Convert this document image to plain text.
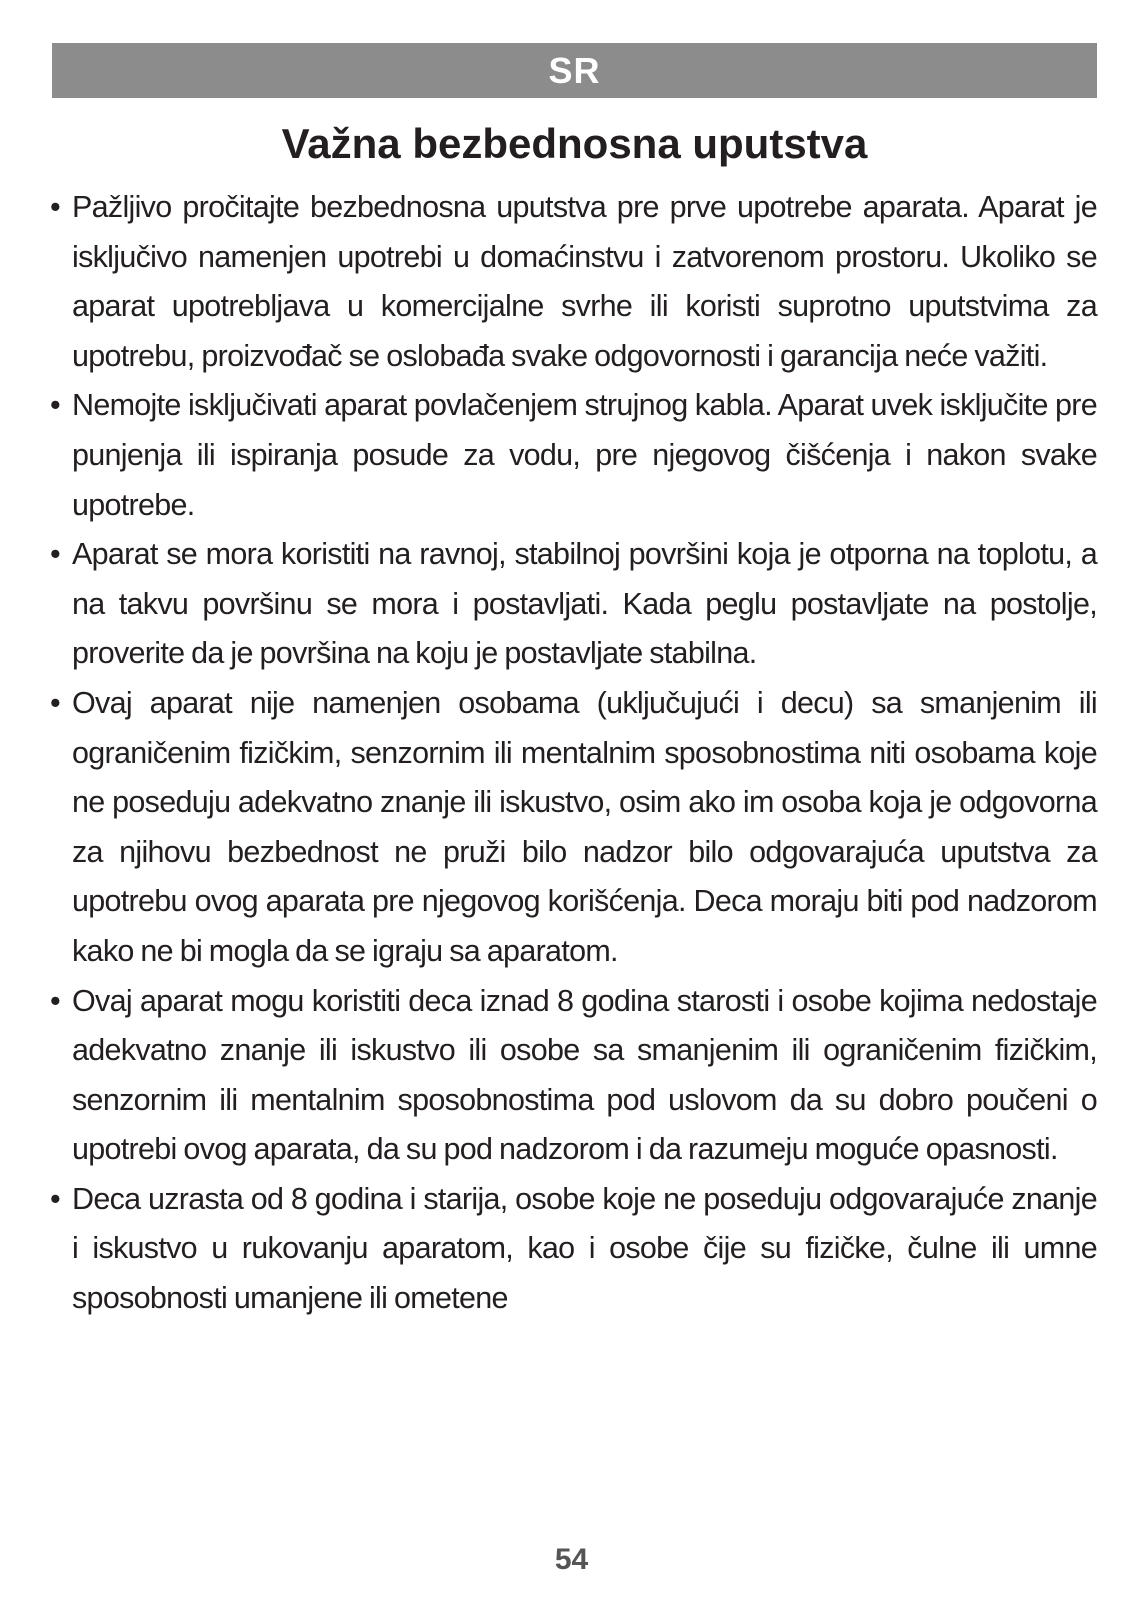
SR
Važna bezbednosna uputstva
• Pažljivo pročitajte bezbednosna uputstva pre prve upotrebe aparata. Aparat je isključivo namenjen upotrebi u domaćinstvu i zatvorenom prostoru. Ukoliko se aparat upotrebljava u komercijalne svrhe ili koristi suprotno uputstvima za upotrebu, proizvođač se oslobađa svake odgovornosti i garancija neće važiti.
• Nemojte isključivati aparat povlačenjem strujnog kabla. Aparat uvek isključite pre punjenja ili ispiranja posude za vodu, pre njegovog čišćenja i nakon svake upotrebe.
• Aparat se mora koristiti na ravnoj, stabilnoj površini koja je otporna na toplotu, a na takvu površinu se mora i postavljati. Kada peglu postavljate na postolje, proverite da je površina na koju je postavljate stabilna.
• Ovaj aparat nije namenjen osobama (uključujući i decu) sa smanjenim ili ograničenim fizičkim, senzornim ili mentalnim sposobnostima niti osobama koje ne poseduju adekvatno znanje ili iskustvo, osim ako im osoba koja je odgovorna za njihovu bezbednost ne pruži bilo nadzor bilo odgovarajuća uputstva za upotrebu ovog aparata pre njegovog korišćenja. Deca moraju biti pod nadzorom kako ne bi mogla da se igraju sa aparatom.
• Ovaj aparat mogu koristiti deca iznad 8 godina starosti i osobe kojima nedostaje adekvatno znanje ili iskustvo ili osobe sa smanjenim ili ograničenim fizičkim, senzornim ili mentalnim sposobnostima pod uslovom da su dobro poučeni o upotrebi ovog aparata, da su pod nadzorom i da razumeju moguće opasnosti.
• Deca uzrasta od 8 godina i starija, osobe koje ne poseduju odgovarajuće znanje i iskustvo u rukovanju aparatom, kao i osobe čije su fizičke, čulne ili umne sposobnosti umanjene ili ometene
54
